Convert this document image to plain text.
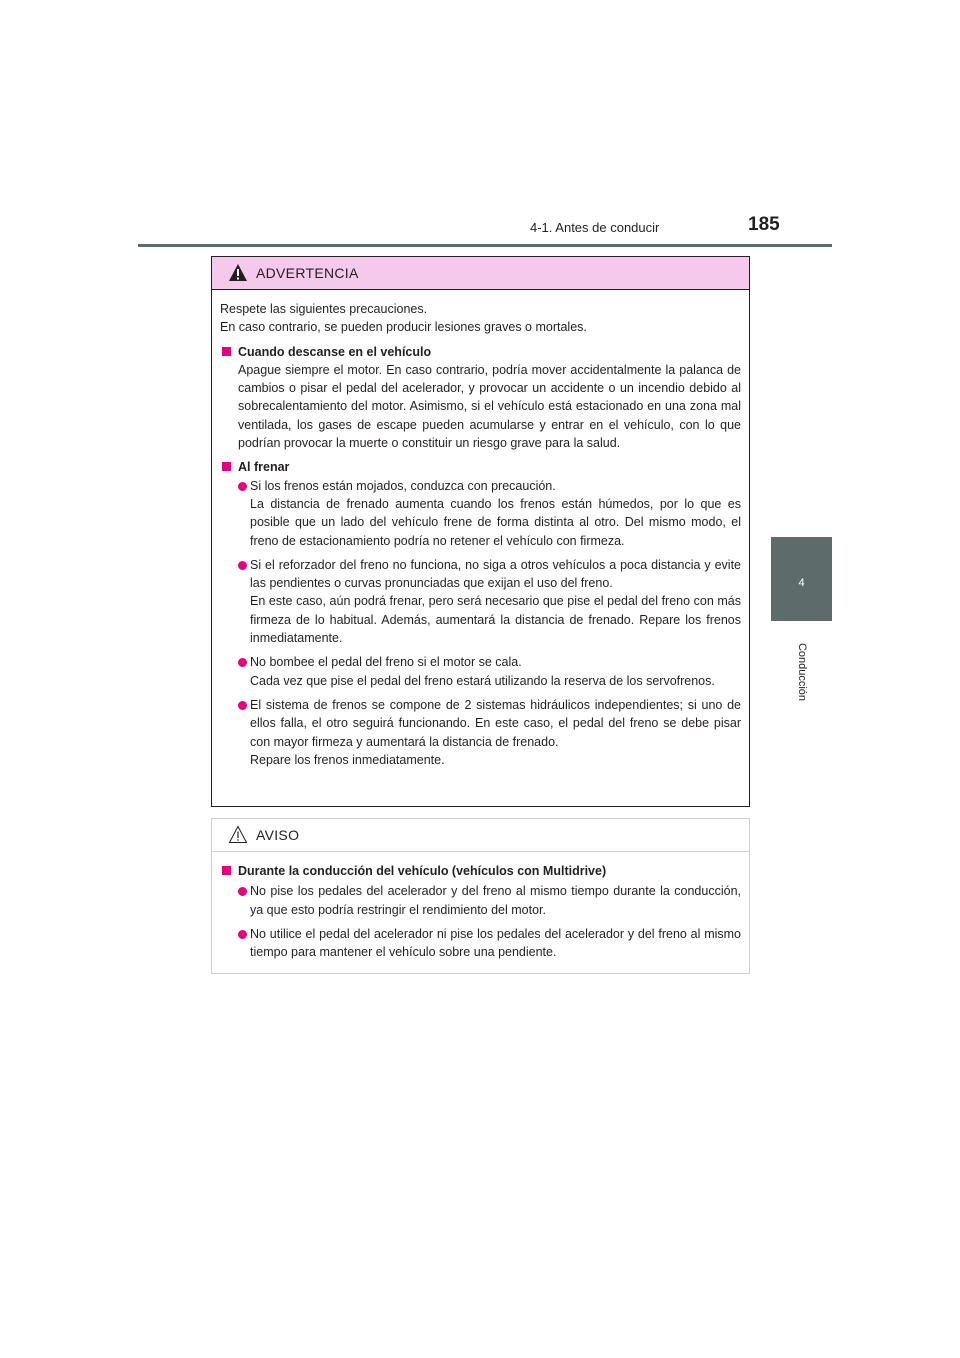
4-1. Antes de conducir	185
4
Conducción
ADVERTENCIA

Respete las siguientes precauciones.
En caso contrario, se pueden producir lesiones graves o mortales.

Cuando descanse en el vehículo

Apague siempre el motor. En caso contrario, podría mover accidentalmente la palanca de cambios o pisar el pedal del acelerador, y provocar un accidente o un incendio debido al sobrecalentamiento del motor. Asimismo, si el vehículo está estacionado en una zona mal ventilada, los gases de escape pueden acumularse y entrar en el vehículo, con lo que podrían provocar la muerte o constituir un riesgo grave para la salud.

Al frenar

Si los frenos están mojados, conduzca con precaución.
La distancia de frenado aumenta cuando los frenos están húmedos, por lo que es posible que un lado del vehículo frene de forma distinta al otro. Del mismo modo, el freno de estacionamiento podría no retener el vehículo con firmeza.
Si el reforzador del freno no funciona, no siga a otros vehículos a poca distancia y evite las pendientes o curvas pronunciadas que exijan el uso del freno.
En este caso, aún podrá frenar, pero será necesario que pise el pedal del freno con más firmeza de lo habitual. Además, aumentará la distancia de frenado. Repare los frenos inmediatamente.
No bombee el pedal del freno si el motor se cala.
Cada vez que pise el pedal del freno estará utilizando la reserva de los servofrenos.
El sistema de frenos se compone de 2 sistemas hidráulicos independientes; si uno de ellos falla, el otro seguirá funcionando. En este caso, el pedal del freno se debe pisar con mayor firmeza y aumentará la distancia de frenado.
Repare los frenos inmediatamente.
AVISO

Durante la conducción del vehículo (vehículos con Multidrive)

No pise los pedales del acelerador y del freno al mismo tiempo durante la conducción, ya que esto podría restringir el rendimiento del motor.
No utilice el pedal del acelerador ni pise los pedales del acelerador y del freno al mismo tiempo para mantener el vehículo sobre una pendiente.
